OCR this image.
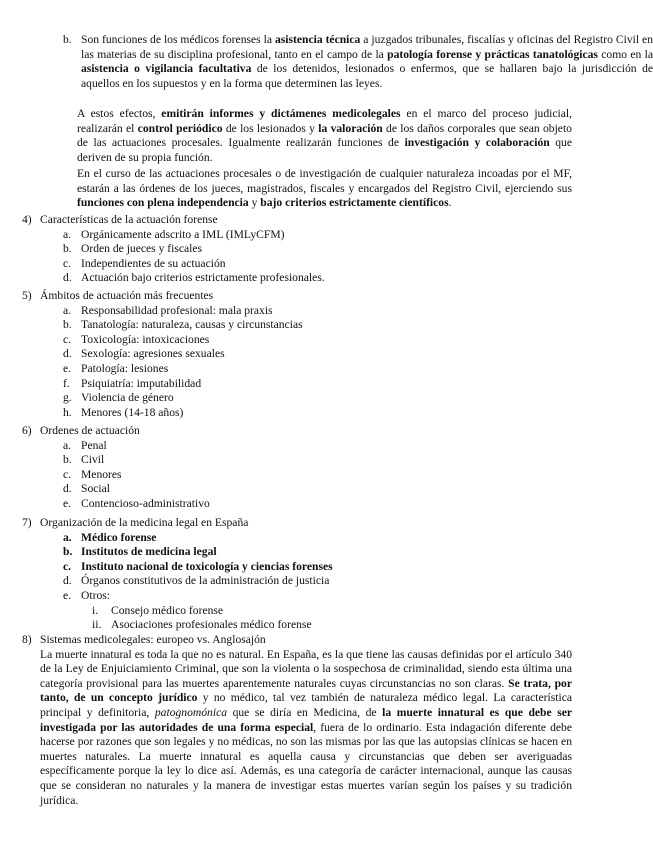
b. Son funciones de los médicos forenses la asistencia técnica a juzgados tribunales, fiscalías y oficinas del Registro Civil en las materias de su disciplina profesional, tanto en el campo de la patología forense y prácticas tanatológicas como en la asistencia o vigilancia facultativa de los detenidos, lesionados o enfermos, que se hallaren bajo la jurisdicción de aquellos en los supuestos y en la forma que determinen las leyes.

A estos efectos, emitirán informes y dictámenes medicolegales en el marco del proceso judicial, realizarán el control periódico de los lesionados y la valoración de los daños corporales que sean objeto de las actuaciones procesales. Igualmente realizarán funciones de investigación y colaboración que deriven de su propia función.

En el curso de las actuaciones procesales o de investigación de cualquier naturaleza incoadas por el MF, estarán a las órdenes de los jueces, magistrados, fiscales y encargados del Registro Civil, ejerciendo sus funciones con plena independencia y bajo criterios estrictamente científicos.

4) Características de la actuación forense
a. Orgánicamente adscrito a IML (IMLyCFM)
b. Orden de jueces y fiscales
c. Independientes de su actuación
d. Actuación bajo criterios estrictamente profesionales.
5) Ámbitos de actuación más frecuentes
a. Responsabilidad profesional: mala praxis
b. Tanatología: naturaleza, causas y circunstancias
c. Toxicología: intoxicaciones
d. Sexología: agresiones sexuales
e. Patología: lesiones
f. Psiquiatría: imputabilidad
g. Violencia de género
h. Menores (14-18 años)
6) Ordenes de actuación
a. Penal
b. Civil
c. Menores
d. Social
e. Contencioso-administrativo
7) Organización de la medicina legal en España
a. Médico forense
b. Institutos de medicina legal
c. Instituto nacional de toxicología y ciencias forenses
d. Órganos constitutivos de la administración de justicia
e. Otros:
i. Consejo médico forense
ii. Asociaciones profesionales médico forense
8) Sistemas medicolegales: europeo vs. Anglosajón

La muerte innatural es toda la que no es natural. En España, es la que tiene las causas definidas por el artículo 340 de la Ley de Enjuiciamiento Criminal, que son la violenta o la sospechosa de criminalidad, siendo esta última una categoría provisional para las muertes aparentemente naturales cuyas circunstancias no son claras. Se trata, por tanto, de un concepto jurídico y no médico, tal vez también de naturaleza médico legal. La característica principal y definitoria, patognomónica que se diría en Medicina, de la muerte innatural es que debe ser investigada por las autoridades de una forma especial, fuera de lo ordinario. Esta indagación diferente debe hacerse por razones que son legales y no médicas, no son las mismas por las que las autopsias clínicas se hacen en muertes naturales. La muerte innatural es aquella causa y circunstancias que deben ser averiguadas específicamente porque la ley lo dice así. Además, es una categoría de carácter internacional, aunque las causas que se consideran no naturales y la manera de investigar estas muertes varían según los países y su tradición jurídica.
